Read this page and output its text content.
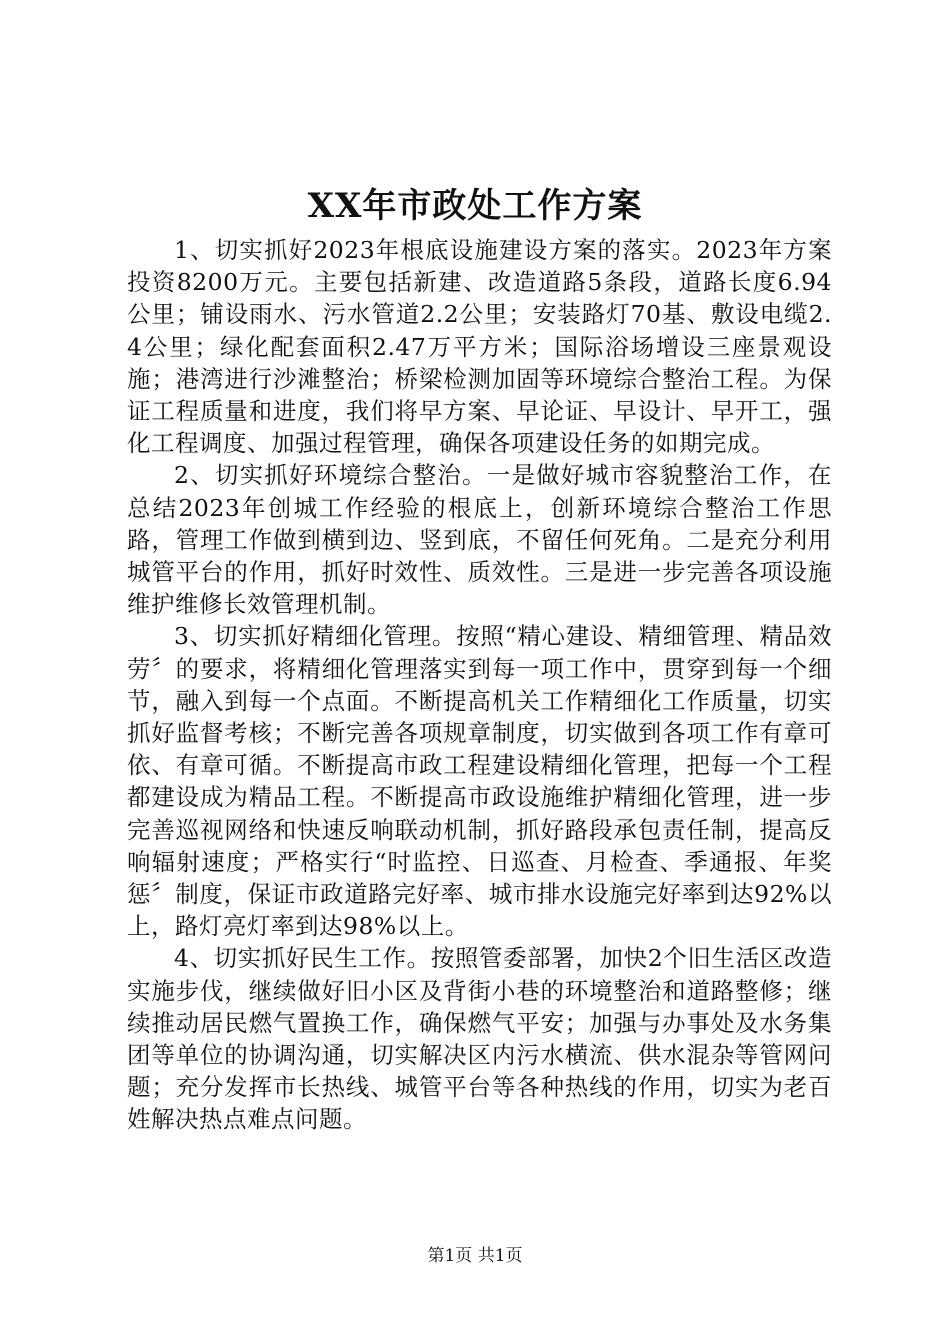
XX年市政处工作方案

1、切实抓好2023年根底设施建设方案的落实。2023年方案投资8200万元。主要包括新建、改造道路5条段，道路长度6.94公里；铺设雨水、污水管道2.2公里；安装路灯70基、敷设电缆2.4公里；绿化配套面积2.47万平方米；国际浴场增设三座景观设施；港湾进行沙滩整治；桥梁检测加固等环境综合整治工程。为保证工程质量和进度，我们将早方案、早论证、早设计、早开工，强化工程调度、加强过程管理，确保各项建设任务的如期完成。

2、切实抓好环境综合整治。一是做好城市容貌整治工作，在总结2023年创城工作经验的根底上，创新环境综合整治工作思路，管理工作做到横到边、竖到底，不留任何死角。二是充分利用城管平台的作用，抓好时效性、质效性。三是进一步完善各项设施维护维修长效管理机制。

3、切实抓好精细化管理。按照“精心建设、精细管理、精品效劳〞的要求，将精细化管理落实到每一项工作中，贯穿到每一个细节，融入到每一个点面。不断提高机关工作精细化工作质量，切实抓好监督考核；不断完善各项规章制度，切实做到各项工作有章可依、有章可循。不断提高市政工程建设精细化管理，把每一个工程都建设成为精品工程。不断提高市政设施维护精细化管理，进一步完善巡视网络和快速反响联动机制，抓好路段承包责任制，提高反响辐射速度；严格实行“时监控、日巡查、月检查、季通报、年奖惩〞制度，保证市政道路完好率、城市排水设施完好率到达92%以上，路灯亮灯率到达98%以上。

4、切实抓好民生工作。按照管委部署，加快2个旧生活区改造实施步伐，继续做好旧小区及背街小巷的环境整治和道路整修；继续推动居民燃气置换工作，确保燃气平安；加强与办事处及水务集团等单位的协调沟通，切实解决区内污水横流、供水混杂等管网问题；充分发挥市长热线、城管平台等各种热线的作用，切实为老百姓解决热点难点问题。

第1页 共1页
